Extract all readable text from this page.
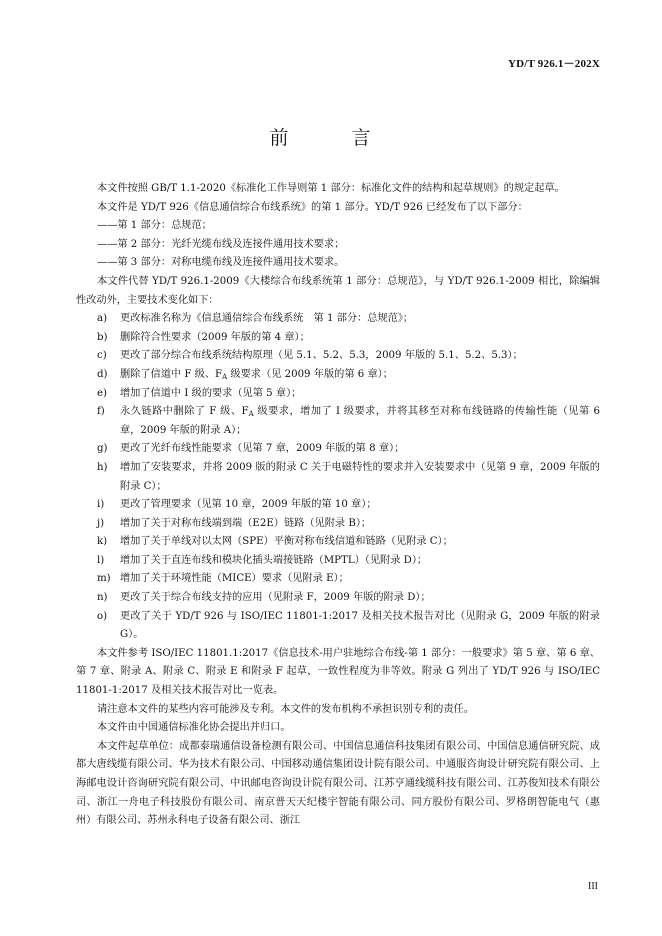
YD/T 926.1－202X
前　言

本文件按照 GB/T 1.1-2020《标准化工作导则第 1 部分：标准化文件的结构和起草规则》的规定起草。

本文件是 YD/T 926《信息通信综合布线系统》的第 1 部分。YD/T 926 已经发布了以下部分：

——第 1 部分：总规范；

——第 2 部分：光纤光缆布线及连接件通用技术要求；

——第 3 部分：对称电缆布线及连接件通用技术要求。

本文件代替 YD/T 926.1-2009《大楼综合布线系统第 1 部分：总规范》，与 YD/T 926.1-2009 相比，除编辑性改动外，主要技术变化如下：

a) 更改标准名称为《信息通信综合布线系统　第 1 部分：总规范》；

b) 删除符合性要求（2009 年版的第 4 章）；

c) 更改了部分综合布线系统结构原理（见 5.1、5.2、5.3，2009 年版的 5.1、5.2、5.3）；

d) 删除了信道中 F 级、$F_A$ 级要求（见 2009 年版的第 6 章）；

e) 增加了信道中 I 级的要求（见第 5 章）；

f) 永久链路中删除了 F 级、$F_A$ 级要求，增加了 I 级要求，并将其移至对称布线链路的传输性能（见第 6 章，2009 年版的附录 A）；

g) 更改了光纤布线性能要求（见第 7 章，2009 年版的第 8 章）；

h) 增加了安装要求，并将 2009 版的附录 C 关于电磁特性的要求并入安装要求中（见第 9 章，2009 年版的附录 C）；

i) 更改了管理要求（见第 10 章，2009 年版的第 10 章）；

j) 增加了关于对称布线端到端（E2E）链路（见附录 B）；

k) 增加了关于单线对以太网（SPE）平衡对称布线信道和链路（见附录 C）；

l) 增加了关于直连布线和模块化插头端接链路（MPTL）（见附录 D）；

m) 增加了关于环境性能（MICE）要求（见附录 E）；

n) 更改了关于综合布线支持的应用（见附录 F，2009 年版的附录 D）；

o) 更改了关于 YD/T 926 与 ISO/IEC 11801-1:2017 及相关技术报告对比（见附录 G，2009 年版的附录 G）。

本文件参考 ISO/IEC 11801.1:2017《信息技术-用户驻地综合布线-第 1 部分：一般要求》第 5 章、第 6 章、第 7 章、附录 A、附录 C、附录 E 和附录 F 起草，一致性程度为非等效。附录 G 列出了 YD/T 926 与 ISO/IEC 11801-1:2017 及相关技术报告对比一览表。

请注意本文件的某些内容可能涉及专利。本文件的发布机构不承担识别专利的责任。

本文件由中国通信标准化协会提出并归口。

本文件起草单位：成都泰瑞通信设备检测有限公司、中国信息通信科技集团有限公司、中国信息通信研究院、成都大唐线缆有限公司、华为技术有限公司、中国移动通信集团设计院有限公司、中通服咨询设计研究院有限公司、上海邮电设计咨询研究院有限公司、中讯邮电咨询设计院有限公司、江苏亨通线缆科技有限公司、江苏俊知技术有限公司、浙江一舟电子科技股份有限公司、南京普天天纪楼宇智能有限公司、同方股份有限公司、罗格朗智能电气（惠州）有限公司、苏州永科电子设备有限公司、浙江

III
